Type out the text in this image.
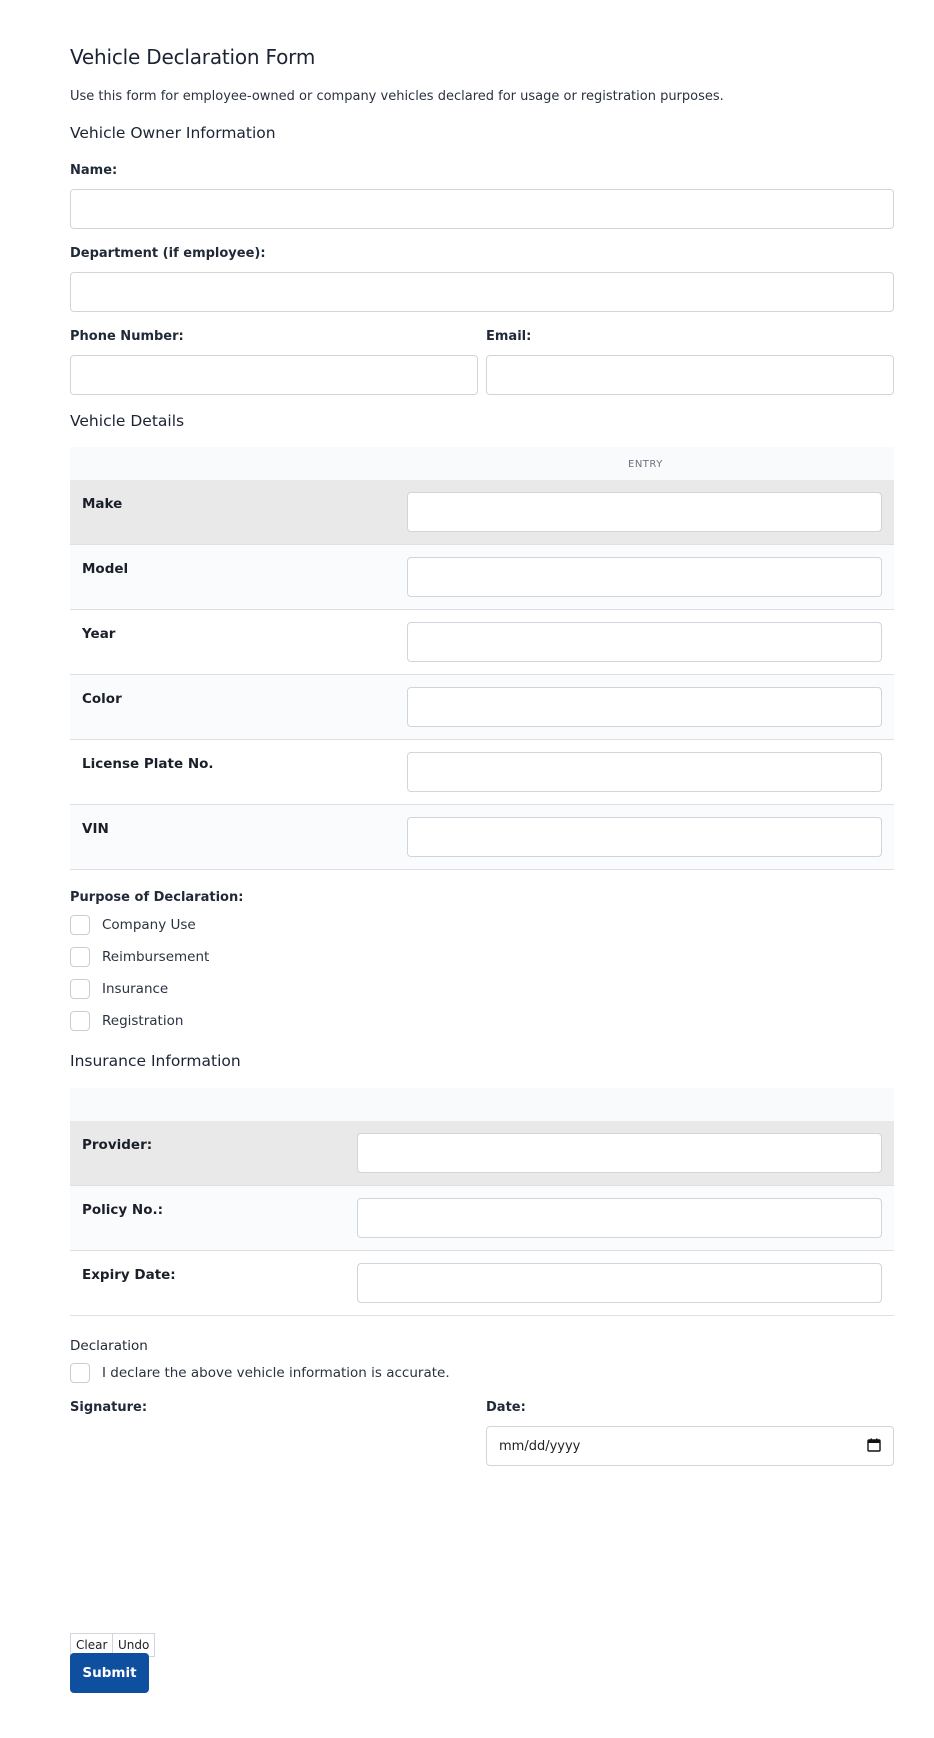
Vehicle Declaration Form
Use this form for employee-owned or company vehicles declared for usage or registration purposes.
Vehicle Owner Information
Name:
Department (if employee):
Phone Number:	Email:
Vehicle Details
ENTRY
Make
Model
Year
Color
License Plate No.
VIN
Purpose of Declaration:
Company Use
Reimbursement
Insurance
Registration
Insurance Information
Provider:
Policy No.:
Expiry Date:
Declaration
I declare the above vehicle information is accurate.
Signature:	Date:
mm/dd/yyyy
Clear Undo
Submit
